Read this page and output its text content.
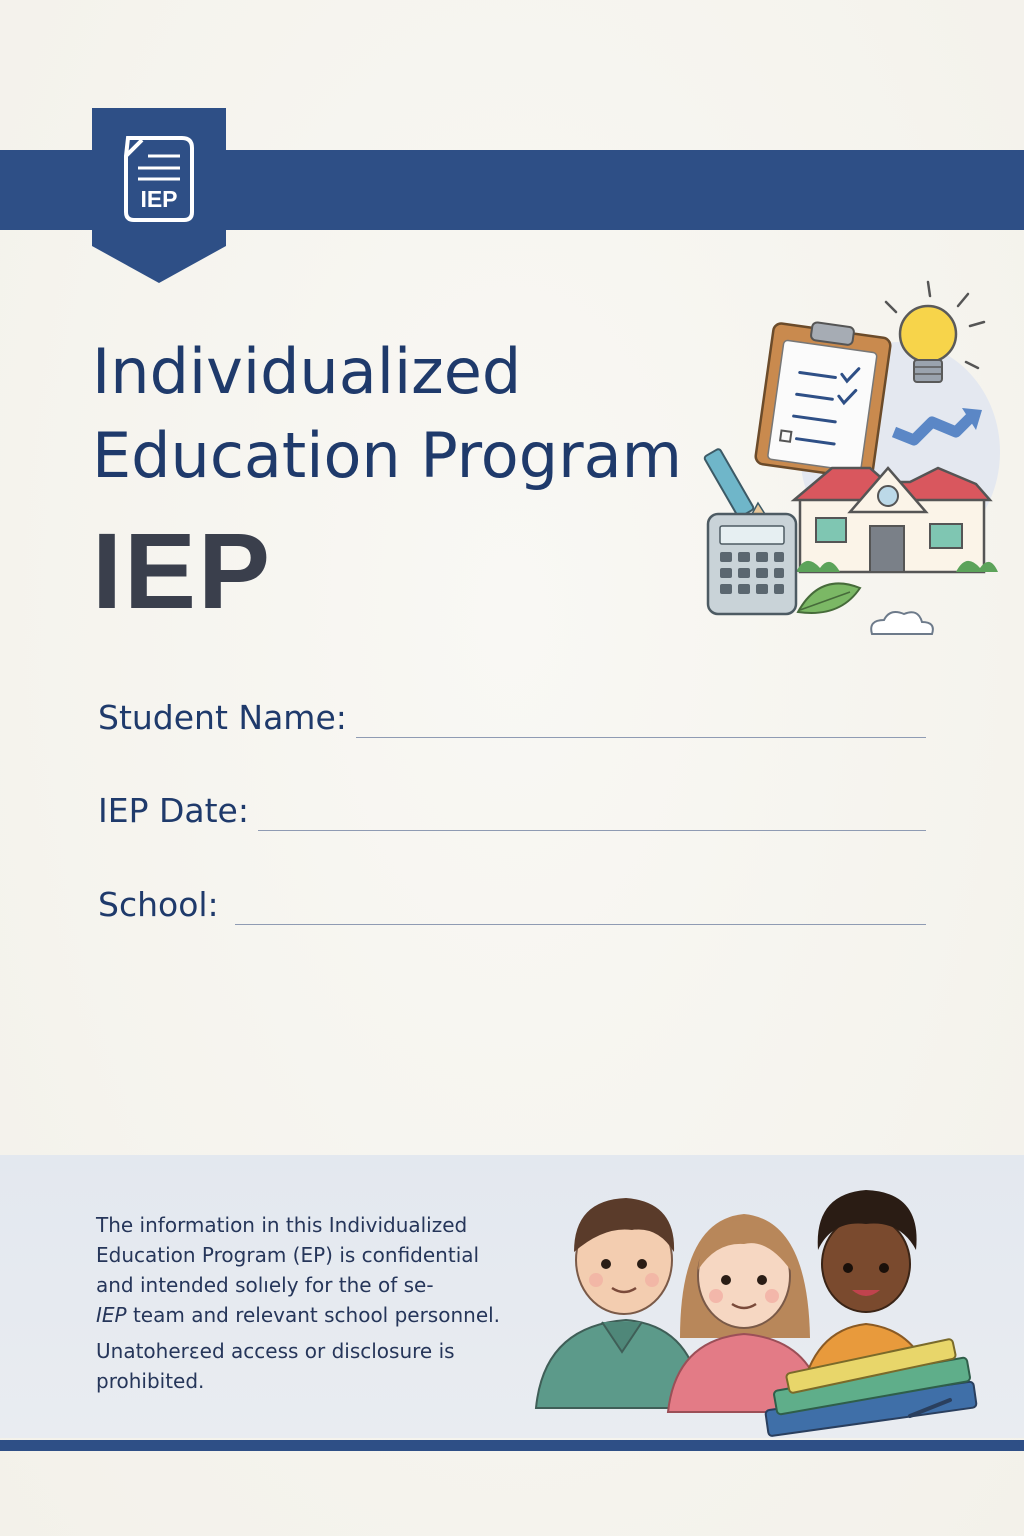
IEP
Individualized
Education Program
IEP
Student Name:
IEP Date:
School:

The information in this Individualized

Education Program (EP) is confidential

and intended solıely for the of se-

IEP team and relevant school personnel.

Unatoherεed access or disclosure is

prohibited.
